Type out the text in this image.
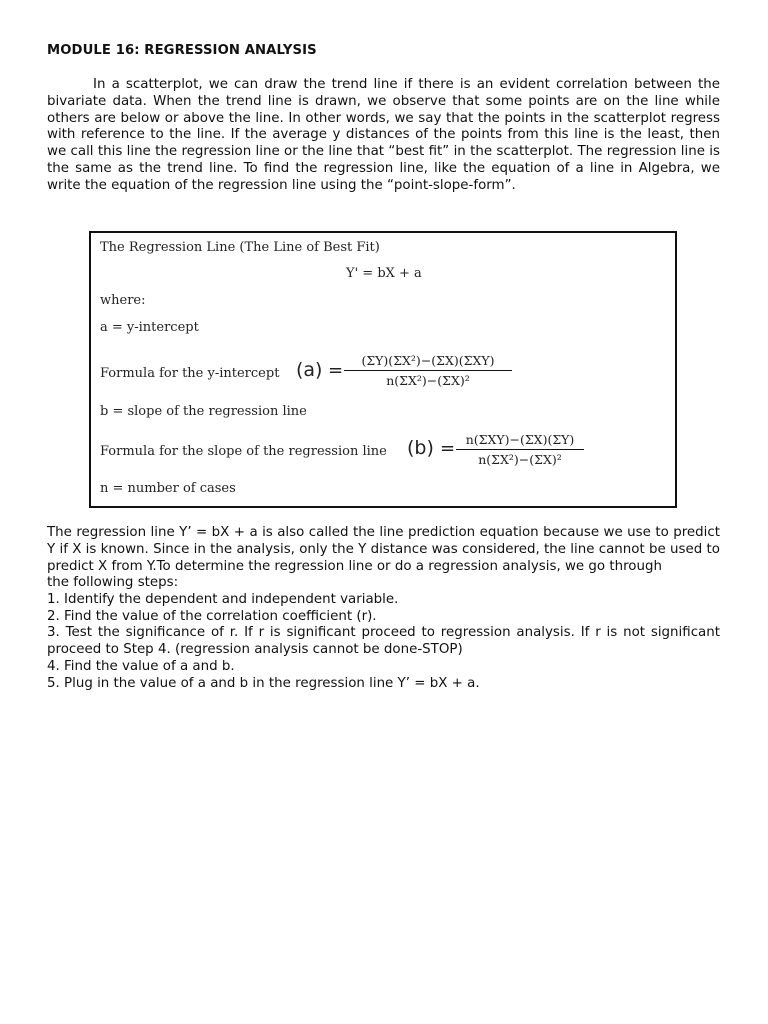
MODULE 16: REGRESSION ANALYSIS
In a scatterplot, we can draw the trend line if there is an evident correlation between the bivariate data. When the trend line is drawn, we observe that some points are on the line while others are below or above the line. In other words, we say that the points in the scatterplot regress with reference to the line. If the average y distances of the points from this line is the least, then we call this line the regression line or the line that “best fit” in the scatterplot. The regression line is the same as the trend line. To find the regression line, like the equation of a line in Algebra, we write the equation of the regression line using the “point-slope-form”.
The Regression Line (The Line of Best Fit)
Y' = bX + a
where:
a = y-intercept
Formula for the y-intercept (a) =	(ΣY)(ΣX²)−(ΣX)(ΣXY)
n(ΣX²)−(ΣX)²
b = slope of the regression line
Formula for the slope of the regression line (b) = n(ΣXY)−(ΣX)(ΣY)
n(ΣX²)−(ΣX)²
n = number of cases
The regression line Y’ = bX + a is also called the line prediction equation because we use to predict Y if X is known. Since in the analysis, only the Y distance was considered, the line cannot be used to predict X from Y.To determine the regression line or do a regression analysis, we go through
the following steps:
1. Identify the dependent and independent variable.
2. Find the value of the correlation coefficient (r).
3. Test the significance of r. If r is significant proceed to regression analysis. If r is not significant proceed to Step 4. (regression analysis cannot be done-STOP)
4. Find the value of a and b.
5. Plug in the value of a and b in the regression line Y’ = bX + a.
